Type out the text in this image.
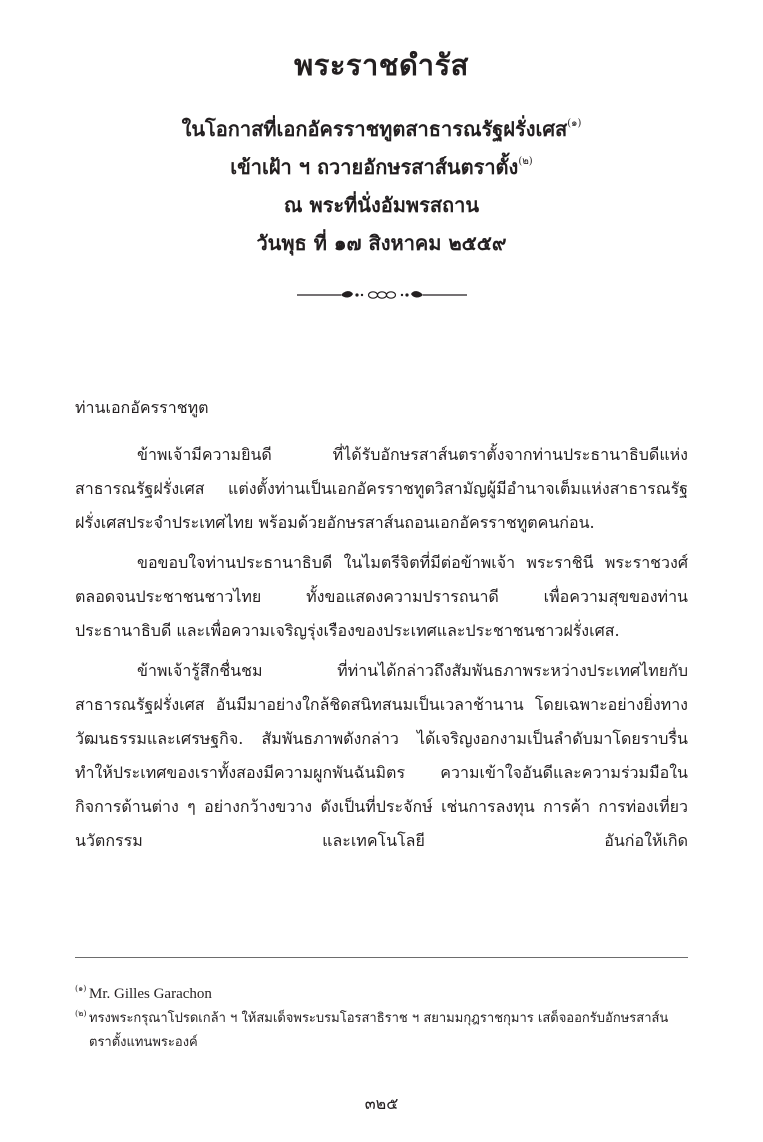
พระราชดำรัส
ในโอกาสที่เอกอัครราชทูตสาธารณรัฐฝรั่งเศส$^{(๑)}$
เข้าเฝ้า ฯ ถวายอักษรสาส์นตราตั้ง$^{(๒)}$
ณ พระที่นั่งอัมพรสถาน
วันพุธ ที่ ๑๗ สิงหาคม ๒๕๕๙
ท่านเอกอัครราชทูต

ข้าพเจ้ามีความยินดี ที่ได้รับอักษรสาส์นตราตั้งจากท่านประธานาธิบดีแห่งสาธารณรัฐฝรั่งเศส แต่งตั้งท่านเป็นเอกอัครราชทูตวิสามัญผู้มีอำนาจเต็มแห่งสาธารณรัฐฝรั่งเศสประจำประเทศไทย พร้อมด้วยอักษรสาส์นถอนเอกอัครราชทูตคนก่อน.

ขอขอบใจท่านประธานาธิบดี ในไมตรีจิตที่มีต่อข้าพเจ้า พระราชินี พระราชวงศ์ตลอดจนประชาชนชาวไทย ทั้งขอแสดงความปรารถนาดี เพื่อความสุขของท่านประธานาธิบดี และเพื่อความเจริญรุ่งเรืองของประเทศและประชาชนชาวฝรั่งเศส.

ข้าพเจ้ารู้สึกชื่นชม ที่ท่านได้กล่าวถึงสัมพันธภาพระหว่างประเทศไทยกับสาธารณรัฐฝรั่งเศส อันมีมาอย่างใกล้ชิดสนิทสนมเป็นเวลาช้านาน โดยเฉพาะอย่างยิ่งทางวัฒนธรรมและเศรษฐกิจ. สัมพันธภาพดังกล่าว ได้เจริญงอกงามเป็นลำดับมาโดยราบรื่น ทำให้ประเทศของเราทั้งสองมีความผูกพันฉันมิตร ความเข้าใจอันดีและความร่วมมือในกิจการด้านต่าง ๆ อย่างกว้างขวาง ดังเป็นที่ประจักษ์ เช่นการลงทุน การค้า การท่องเที่ยว นวัตกรรม และเทคโนโลยี อันก่อให้เกิด

(๑) Mr. Gilles Garachon
(๒) ทรงพระกรุณาโปรดเกล้า ฯ ให้สมเด็จพระบรมโอรสาธิราช ฯ สยามมกุฎราชกุมาร เสด็จออกรับอักษรสาส์นตราตั้งแทนพระองค์
๓๒๕
